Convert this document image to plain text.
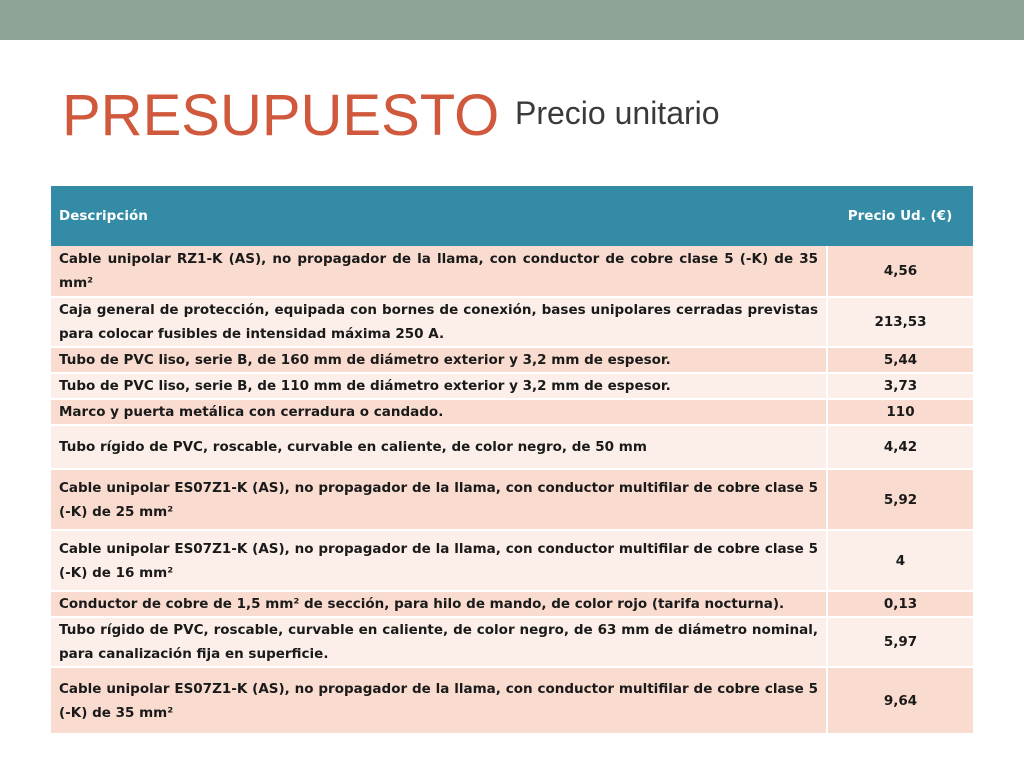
PRESUPUESTO Precio unitario
Descripción	Precio Ud. (€)
Cable unipolar RZ1-K (AS), no propagador de la llama, con conductor de cobre clase 5 (-K) de 35 mm²	4,56
Caja general de protección, equipada con bornes de conexión, bases unipolares cerradas previstas para colocar fusibles de intensidad máxima 250 A.	213,53
Tubo de PVC liso, serie B, de 160 mm de diámetro exterior y 3,2 mm de espesor.	5,44
Tubo de PVC liso, serie B, de 110 mm de diámetro exterior y 3,2 mm de espesor.	3,73
Marco y puerta metálica con cerradura o candado.	110
Tubo rígido de PVC, roscable, curvable en caliente, de color negro, de 50 mm	4,42
Cable unipolar ES07Z1-K (AS), no propagador de la llama, con conductor multifilar de cobre clase 5 (-K) de 25 mm²	5,92
Cable unipolar ES07Z1-K (AS), no propagador de la llama, con conductor multifilar de cobre clase 5 (-K) de 16 mm²	4
Conductor de cobre de 1,5 mm² de sección, para hilo de mando, de color rojo (tarifa nocturna).	0,13
Tubo rígido de PVC, roscable, curvable en caliente, de color negro, de 63 mm de diámetro nominal, para canalización fija en superficie.	5,97
Cable unipolar ES07Z1-K (AS), no propagador de la llama, con conductor multifilar de cobre clase 5 (-K) de 35 mm²	9,64
